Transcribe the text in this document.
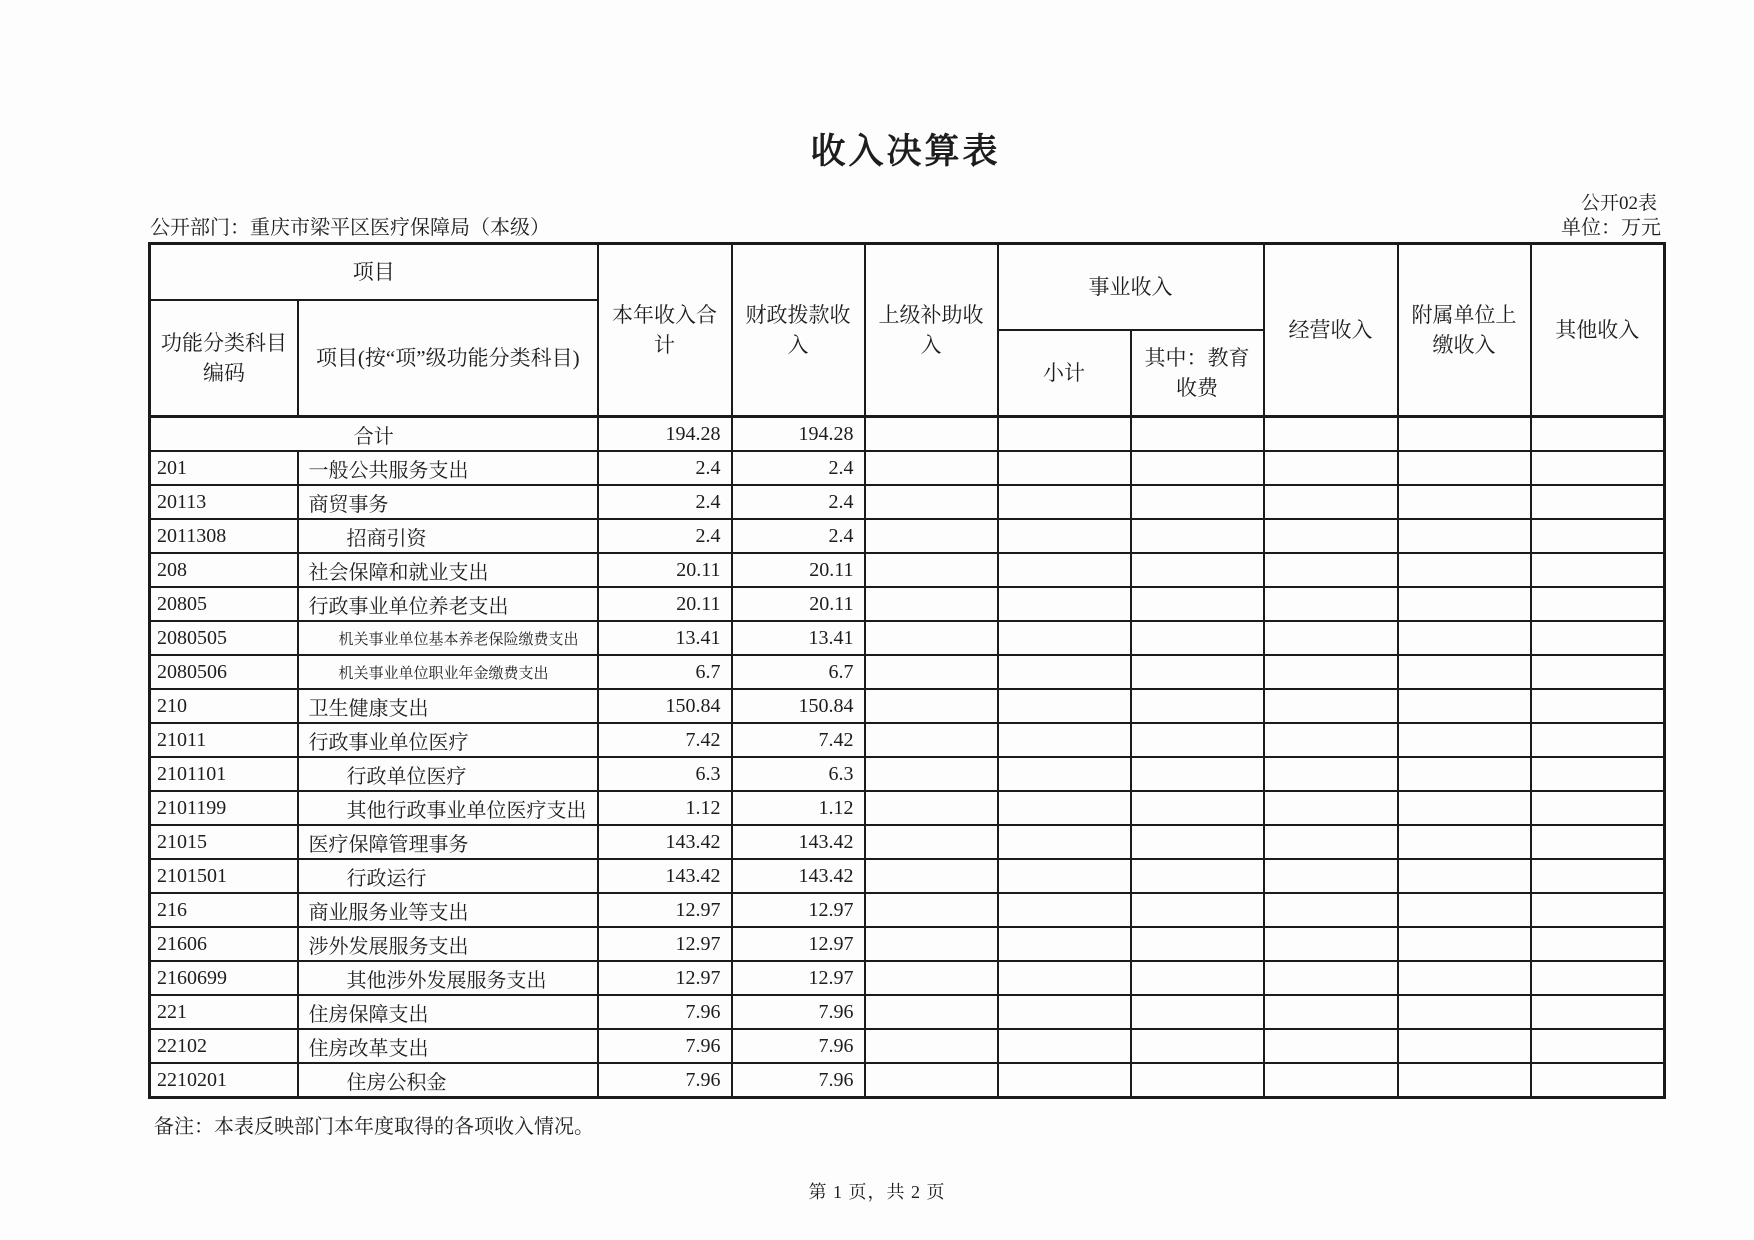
收入决算表
公开02表
公开部门：重庆市梁平区医疗保障局（本级）	单位：万元
项目
功能分类科目编码
项目(按“项”级功能分类科目)
	本年收入合计	财政拨款收入	上级补助收入	
事业收入
小计
其中：教育收费
	经营收入	附属单位上缴收入	其他收入
合计		194.28	194.28						
201	一般公共服务支出	2.4	2.4						
20113	商贸事务	2.4	2.4						
2011308	招商引资	2.4	2.4						
208	社会保障和就业支出	20.11	20.11						
20805	行政事业单位养老支出	20.11	20.11						
2080505	机关事业单位基本养老保险缴费支出	13.41	13.41						
2080506	机关事业单位职业年金缴费支出	6.7	6.7						
210	卫生健康支出	150.84	150.84						
21011	行政事业单位医疗	7.42	7.42						
2101101	行政单位医疗	6.3	6.3						
2101199	其他行政事业单位医疗支出	1.12	1.12						
21015	医疗保障管理事务	143.42	143.42						
2101501	行政运行	143.42	143.42						
216	商业服务业等支出	12.97	12.97						
21606	涉外发展服务支出	12.97	12.97						
2160699	其他涉外发展服务支出	12.97	12.97						
221	住房保障支出	7.96	7.96						
22102	住房改革支出	7.96	7.96						
2210201	住房公积金	7.96	7.96						
备注：本表反映部门本年度取得的各项收入情况。
第 1 页，共 2 页
